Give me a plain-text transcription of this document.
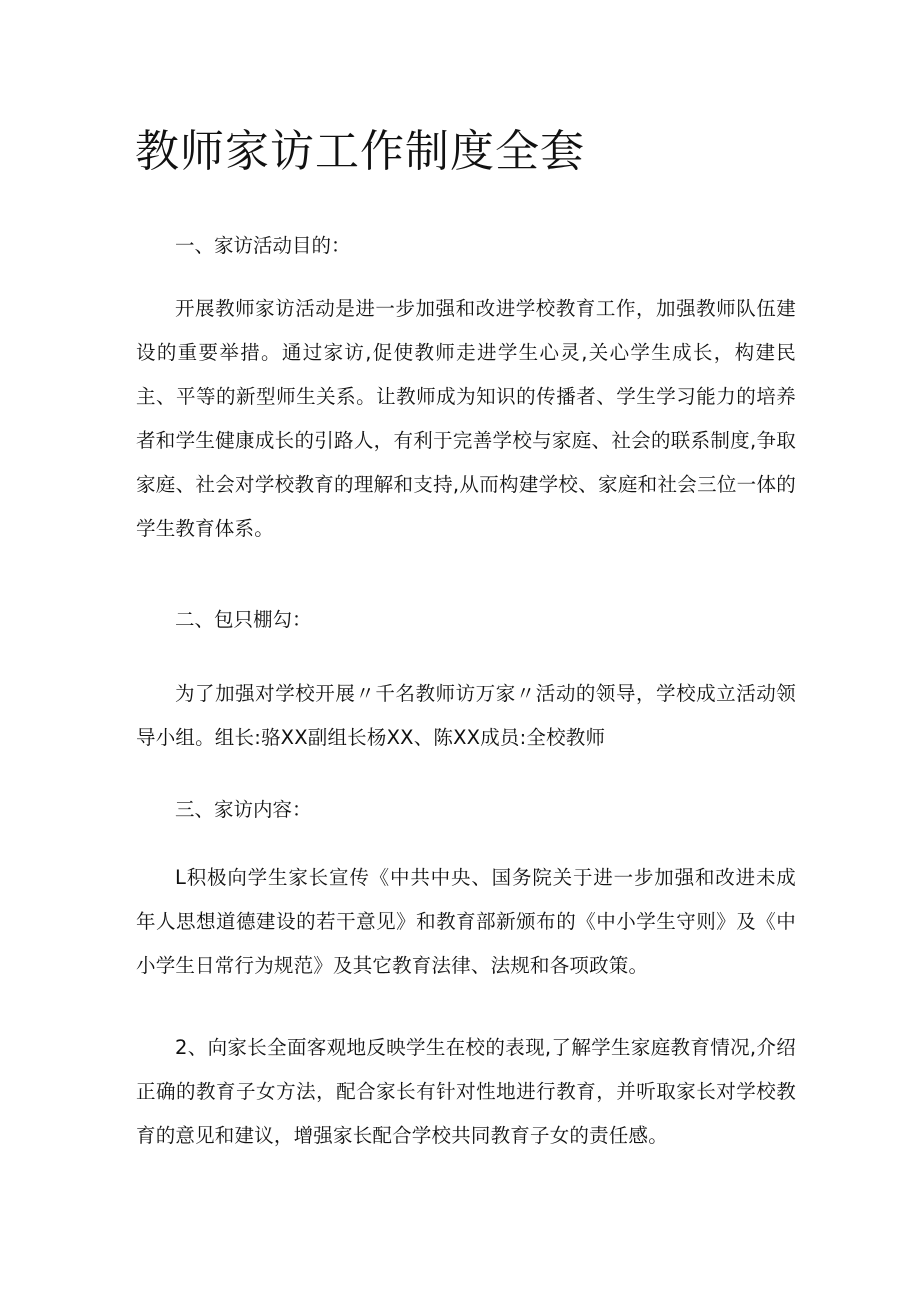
教师家访工作制度全套

一、家访活动目的：

开展教师家访活动是进一步加强和改进学校教育工作，加强教师队伍建设的重要举措。通过家访,促使教师走进学生心灵,关心学生成长，构建民主、平等的新型师生关系。让教师成为知识的传播者、学生学习能力的培养者和学生健康成长的引路人，有利于完善学校与家庭、社会的联系制度,争取家庭、社会对学校教育的理解和支持,从而构建学校、家庭和社会三位一体的学生教育体系。

二、包只棚勾：

为了加强对学校开展〃千名教师访万家〃活动的领导，学校成立活动领导小组。组长:骆XX副组长杨XX、陈XX成员:全校教师

三、家访内容：

L积极向学生家长宣传《中共中央、国务院关于进一步加强和改进未成年人思想道德建设的若干意见》和教育部新颁布的《中小学生守则》及《中小学生日常行为规范》及其它教育法律、法规和各项政策。

2、向家长全面客观地反映学生在校的表现,了解学生家庭教育情况,介绍正确的教育子女方法，配合家长有针对性地进行教育，并听取家长对学校教育的意见和建议，增强家长配合学校共同教育子女的责任感。
